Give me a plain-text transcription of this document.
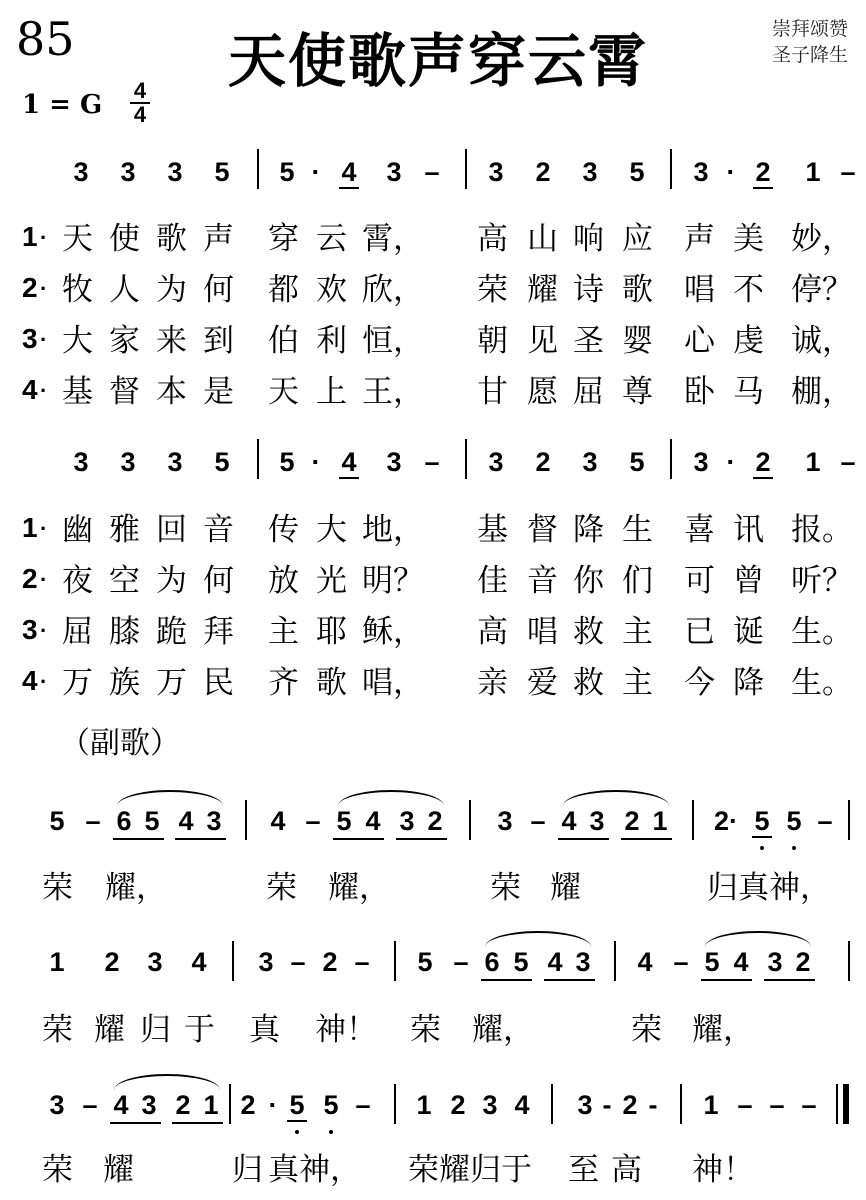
85	天使歌声穿云霄	崇拜颂赞
圣子降生
1 = G 4
4
3 3 3 5 5 · 4 3 – 3 2 3 5 3 · 2 1 –
1 · 天 使 歌 声 穿 云 霄， 高 山 响 应 声 美 妙，
2 · 牧 人 为 何 都 欢 欣， 荣 耀 诗 歌 唱 不 停？
3 · 大 家 来 到 伯 利 恒， 朝 见 圣 婴 心 虔 诚，
4 · 基 督 本 是 天 上 王， 甘 愿 屈 尊 卧 马 棚，
3 3 3 5 5 · 4 3 – 3 2 3 5 3 · 2 1 –
1 · 幽 雅 回 音 传 大 地， 基 督 降 生 喜 讯 报。
2 · 夜 空 为 何 放 光 明？ 佳 音 你 们 可 曾 听？
3 · 屈 膝 跪 拜 主 耶 稣， 高 唱 救 主 已 诞 生。
4 · 万 族 万 民 齐 歌 唱， 亲 爱 救 主 今 降 生。
（副歌）
5 – 6 5 4 3 4 – 5 4 3 2 3 – 4 3 2 1 2· 5 5 –
荣 耀，	荣 耀，	荣 耀	归真神，
1 2 3 4 3 – 2 – 5 – 6 5 4 3 4 – 5 4 3 2
荣 耀 归 于 真 神！ 荣 耀，	荣 耀，
3 – 4 3 2 1 2 · 5 5 – 1 2 3 4 3 - 2 - 1 – – –
荣 耀	归 真神， 荣耀归于 至 高 神！
